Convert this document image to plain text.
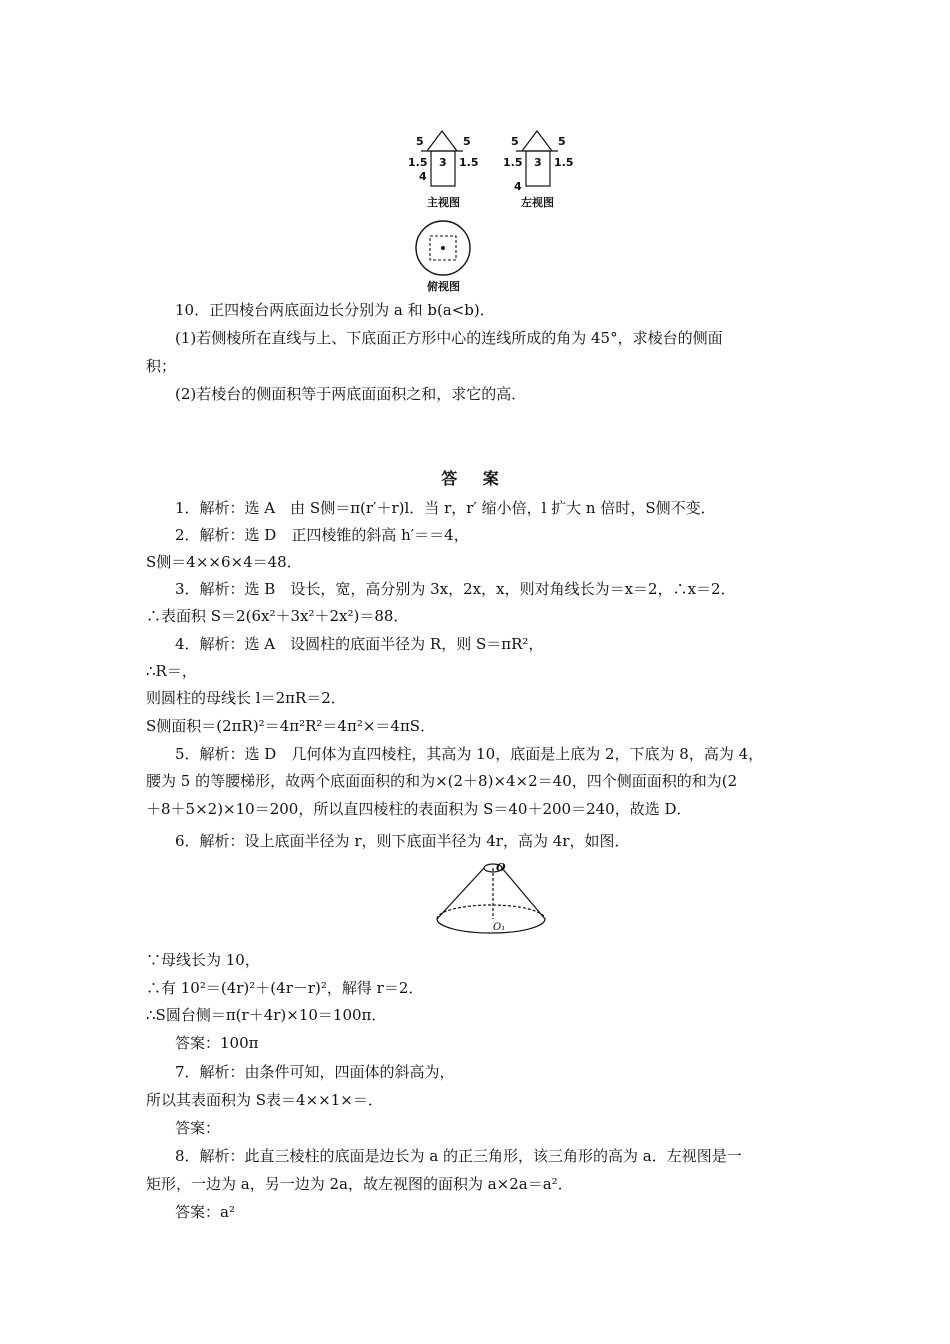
5	5
1.5 3 1.5
4
5	5
1.5 3 1.5
4
主视图	左视图
俯视图
10．正四棱台两底面边长分别为 a 和 b(a<b)．
(1)若侧棱所在直线与上、下底面正方形中心的连线所成的角为 45°，求棱台的侧面
积；
(2)若棱台的侧面积等于两底面面积之和，求它的高．
答 案
1．解析：选 A　由 S侧＝π(r′＋r)l．当 r，r′ 缩小倍，l 扩大 n 倍时，S侧不变．
2．解析：选 D　正四棱锥的斜高 h′＝＝4，
S侧＝4××6×4＝48．
3．解析：选 B　设长，宽，高分别为 3x，2x，x，则对角线长为＝x＝2，∴x＝2．
∴表面积 S＝2(6x²＋3x²＋2x²)＝88．
4．解析：选 A　设圆柱的底面半径为 R，则 S＝πR²，
∴R＝，
则圆柱的母线长 l＝2πR＝2．
S侧面积＝(2πR)²＝4π²R²＝4π²×＝4πS．
5．解析：选 D　几何体为直四棱柱，其高为 10，底面是上底为 2，下底为 8，高为 4，
腰为 5 的等腰梯形，故两个底面面积的和为×(2＋8)×4×2＝40，四个侧面面积的和为(2
＋8＋5×2)×10＝200，所以直四棱柱的表面积为 S＝40＋200＝240，故选 D．
6．解析：设上底面半径为 r，则下底面半径为 4r，高为 4r，如图．
O
O₁
∵母线长为 10，
∴有 10²＝(4r)²＋(4r－r)²，解得 r＝2．
∴S圆台侧＝π(r＋4r)×10＝100π．
答案：100π
7．解析：由条件可知，四面体的斜高为，
所以其表面积为 S表＝4××1×＝．
答案：
8．解析：此直三棱柱的底面是边长为 a 的正三角形，该三角形的高为 a．左视图是一
矩形，一边为 a，另一边为 2a，故左视图的面积为 a×2a＝a²．
答案：a²
